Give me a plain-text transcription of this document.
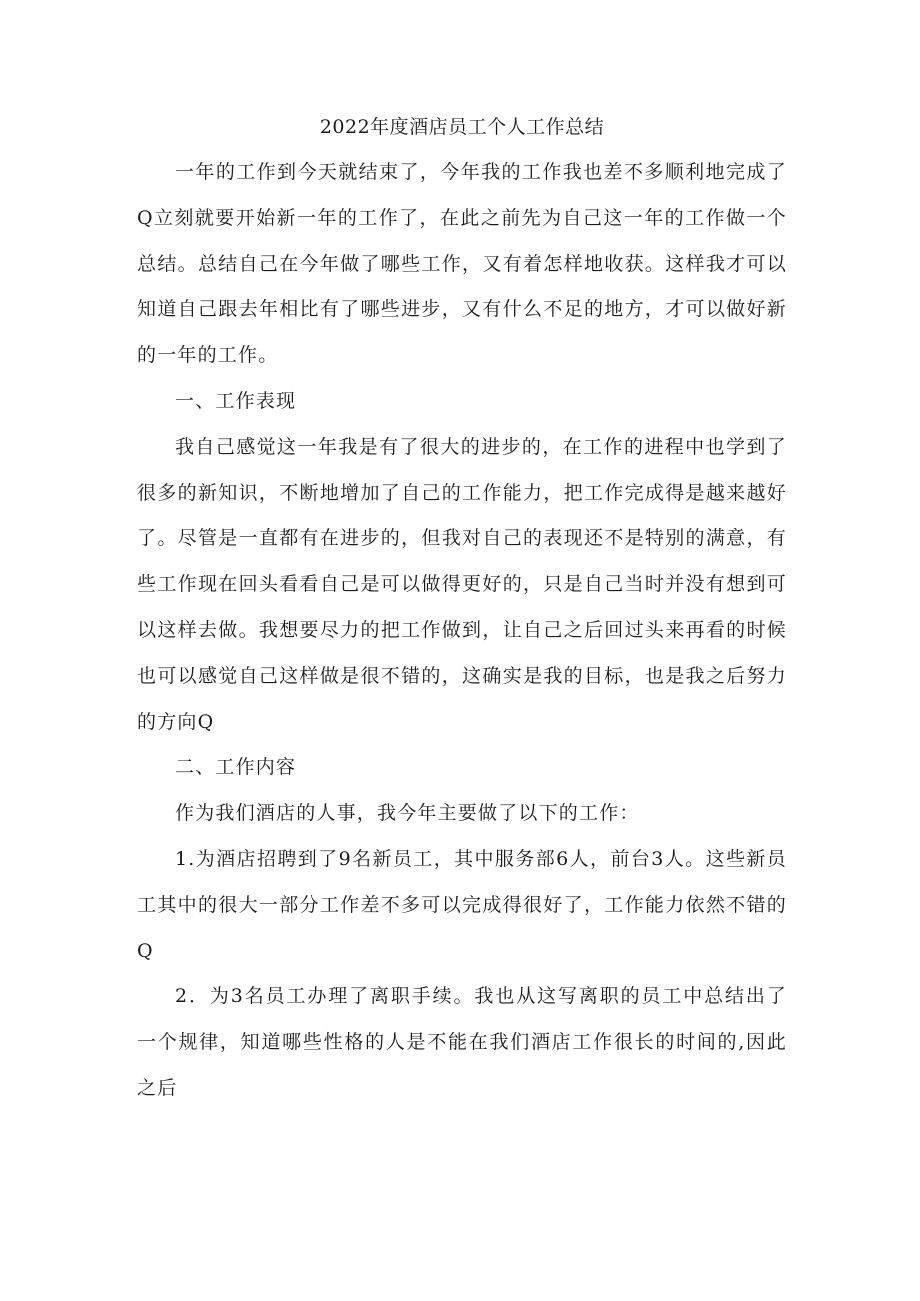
2022年度酒店员工个人工作总结

一年的工作到今天就结束了，今年我的工作我也差不多顺利地完成了Q立刻就要开始新一年的工作了，在此之前先为自己这一年的工作做一个总结。总结自己在今年做了哪些工作，又有着怎样地收获。这样我才可以知道自己跟去年相比有了哪些进步，又有什么不足的地方，才可以做好新的一年的工作。

一、工作表现

我自己感觉这一年我是有了很大的进步的，在工作的进程中也学到了很多的新知识，不断地增加了自己的工作能力，把工作完成得是越来越好了。尽管是一直都有在进步的，但我对自己的表现还不是特别的满意，有些工作现在回头看看自己是可以做得更好的，只是自己当时并没有想到可以这样去做。我想要尽力的把工作做到，让自己之后回过头来再看的时候也可以感觉自己这样做是很不错的，这确实是我的目标，也是我之后努力的方向Q

二、工作内容

作为我们酒店的人事，我今年主要做了以下的工作：

1.为酒店招聘到了9名新员工，其中服务部6人，前台3人。这些新员工其中的很大一部分工作差不多可以完成得很好了，工作能力依然不错的Q

2．为3名员工办理了离职手续。我也从这写离职的员工中总结出了一个规律，知道哪些性格的人是不能在我们酒店工作很长的时间的,因此之后
